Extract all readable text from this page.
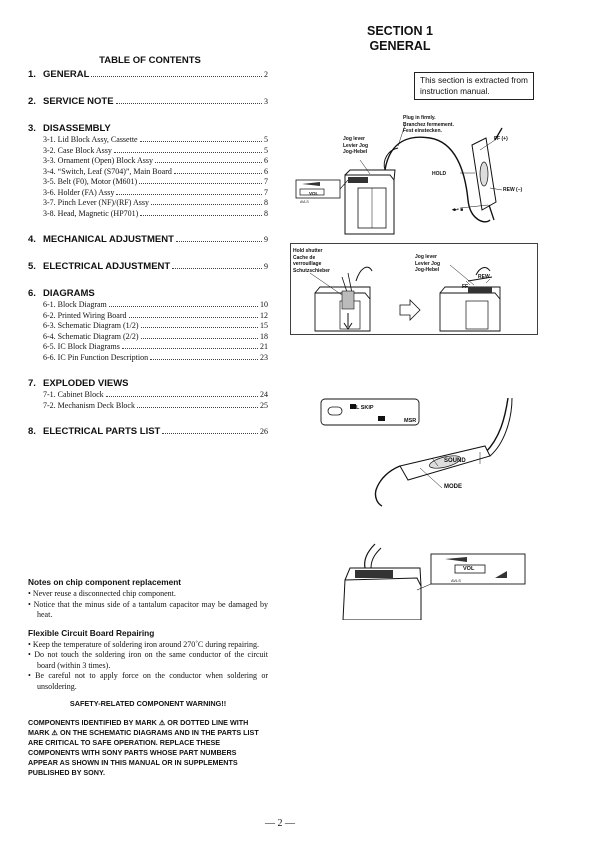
SECTION 1
GENERAL
TABLE OF CONTENTS
1. GENERAL	2
2. SERVICE NOTE	3
3. DISASSEMBLY
3-1. Lid Block Assy, Cassette	5
3-2. Case Block Assy	5
3-3. Ornament (Open) Block Assy	6
3-4. “Switch, Leaf (S704)”, Main Board	6
3-5. Belt (F0), Motor (M601)	7
3-6. Holder (FA) Assy	7
3-7. Pinch Lever (NF)/(RF) Assy	8
3-8. Head, Magnetic (HP701)	8
4. MECHANICAL ADJUSTMENT	9
5. ELECTRICAL ADJUSTMENT	9
6. DIAGRAMS
6-1. Block Diagram	10
6-2. Printed Wiring Board	12
6-3. Schematic Diagram (1/2)	15
6-4. Schematic Diagram (2/2)	18
6-5. IC Block Diagrams	21
6-6. IC Pin Function Description	23
7. EXPLODED VIEWS
7-1. Cabinet Block	24
7-2. Mechanism Deck Block	25
8. ELECTRICAL PARTS LIST	26
This section is extracted from instruction manual.
Plug in firmly.
Branchez fermement.
Fest einstecken.
Jog lever
Levier Jog
Jog-Hebel
FF (+)
HOLD
REW (–)
◂▸• ■
VOL
AVLS
Hold shutter
Cache de
verrouillage
Schutzschieber
Jog lever
Levier Jog
Jog-Hebel
FF
REW
BL SKIP
MSR
SOUND
MODE
VOL
AVLS
Notes on chip component replacement
• Never reuse a disconnected chip component.
• Notice that the minus side of a tantalum capacitor may be damaged by heat.
Flexible Circuit Board Repairing
• Keep the temperature of soldering iron around 270˚C during repairing.
• Do not touch the soldering iron on the same conductor of the circuit board (within 3 times).
• Be careful not to apply force on the conductor when soldering or unsoldering.
SAFETY-RELATED COMPONENT WARNING!!
COMPONENTS IDENTIFIED BY MARK ⚠ OR DOTTED LINE WITH MARK ⚠ ON THE SCHEMATIC DIAGRAMS AND IN THE PARTS LIST ARE CRITICAL TO SAFE OPERATION. REPLACE THESE COMPONENTS WITH SONY PARTS WHOSE PART NUMBERS APPEAR AS SHOWN IN THIS MANUAL OR IN SUPPLEMENTS PUBLISHED BY SONY.
— 2 —
